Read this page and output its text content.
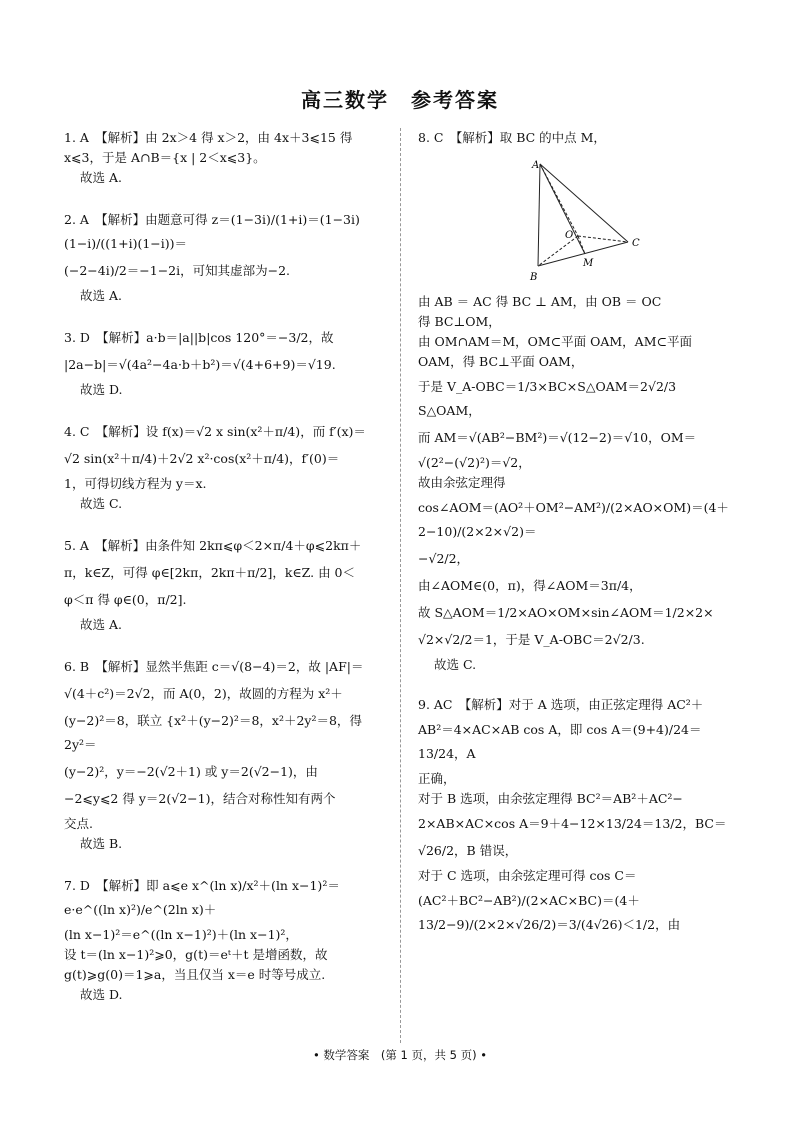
高三数学　参考答案
1. A　【解析】由 2x＞4 得 x＞2，由 4x＋3⩽15 得
x⩽3，于是 A∩B＝{x | 2＜x⩽3}。
故选 A.
2. A　【解析】由题意可得 z＝(1−3i)/(1+i)＝(1−3i)(1−i)/((1+i)(1−i))＝
(−2−4i)/2＝−1−2i，可知其虚部为−2.
故选 A.
3. D　【解析】a·b＝|a||b|cos 120°＝−3/2，故
|2a−b|＝√(4a²−4a·b＋b²)＝√(4+6+9)＝√19.
故选 D.
4. C　【解析】设 f(x)＝√2 x sin(x²＋π/4)，而 f′(x)＝
√2 sin(x²＋π/4)＋2√2 x²·cos(x²＋π/4)，f′(0)＝
1，可得切线方程为 y＝x.
故选 C.
5. A　【解析】由条件知 2kπ⩽φ＜2×π/4＋φ⩽2kπ＋
π，k∈Z，可得 φ∈[2kπ，2kπ＋π/2]，k∈Z. 由 0＜
φ＜π 得 φ∈(0，π/2].
故选 A.
6. B　【解析】显然半焦距 c＝√(8−4)＝2，故 |AF|＝
√(4＋c²)＝2√2，而 A(0，2)，故圆的方程为 x²＋
(y−2)²＝8，联立 {x²＋(y−2)²＝8，x²＋2y²＝8，得 2y²＝
(y−2)²，y＝−2(√2＋1) 或 y＝2(√2−1)，由
−2⩽y⩽2 得 y＝2(√2−1)，结合对称性知有两个
交点.
故选 B.
7. D　【解析】即 a⩽e x^(ln x)/x²＋(ln x−1)²＝e·e^((ln x)²)/e^(2ln x)＋
(ln x−1)²＝e^((ln x−1)²)＋(ln x−1)²，
设 t＝(ln x−1)²⩾0，g(t)＝eᵗ＋t 是增函数，故
g(t)⩾g(0)＝1⩾a，当且仅当 x＝e 时等号成立.
故选 D.
8. C　【解析】取 BC 的中点 M，
A
B
C
O
M
由 AB ＝ AC 得 BC ⊥ AM，由 OB ＝ OC
得 BC⊥OM，
由 OM∩AM＝M，OM⊂平面 OAM，AM⊂平面
OAM，得 BC⊥平面 OAM，
于是 V_A-OBC＝1/3×BC×S△OAM＝2√2/3 S△OAM，
而 AM＝√(AB²−BM²)＝√(12−2)＝√10，OM＝
√(2²−(√2)²)＝√2，
故由余弦定理得
cos∠AOM＝(AO²＋OM²−AM²)/(2×AO×OM)＝(4＋2−10)/(2×2×√2)＝
−√2/2，
由∠AOM∈(0，π)，得∠AOM＝3π/4，
故 S△AOM＝1/2×AO×OM×sin∠AOM＝1/2×2×
√2×√2/2＝1，于是 V_A-OBC＝2√2/3.
故选 C.
9. AC　【解析】对于 A 选项，由正弦定理得 AC²＋
AB²＝4×AC×AB cos A，即 cos A＝(9+4)/24＝13/24，A
正确，
对于 B 选项，由余弦定理得 BC²＝AB²＋AC²−
2×AB×AC×cos A＝9＋4−12×13/24＝13/2，BC＝
√26/2，B 错误，
对于 C 选项，由余弦定理可得 cos C＝
(AC²＋BC²−AB²)/(2×AC×BC)＝(4＋13/2−9)/(2×2×√26/2)＝3/(4√26)＜1/2，由
• 数学答案　(第 1 页，共 5 页) •
